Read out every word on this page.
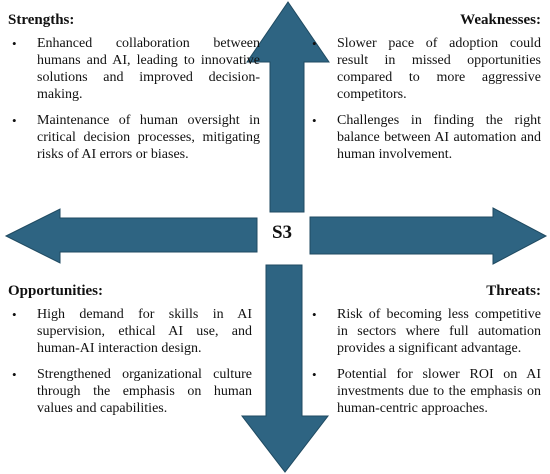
S3
Strengths:
• Enhanced collaboration between humans and AI, leading to innovative solutions and improved decision-making.
• Maintenance of human oversight in critical decision processes, mitigating risks of AI errors or biases.
Weaknesses:
• Slower pace of adoption could result in missed opportunities compared to more aggressive competitors.
• Challenges in finding the right balance between AI automation and human involvement.
Opportunities:
• High demand for skills in AI supervision, ethical AI use, and human-AI interaction design.
• Strengthened organizational culture through the emphasis on human values and capabilities.
Threats:
• Risk of becoming less competitive in sectors where full automation provides a significant advantage.
• Potential for slower ROI on AI investments due to the emphasis on human-centric approaches.
